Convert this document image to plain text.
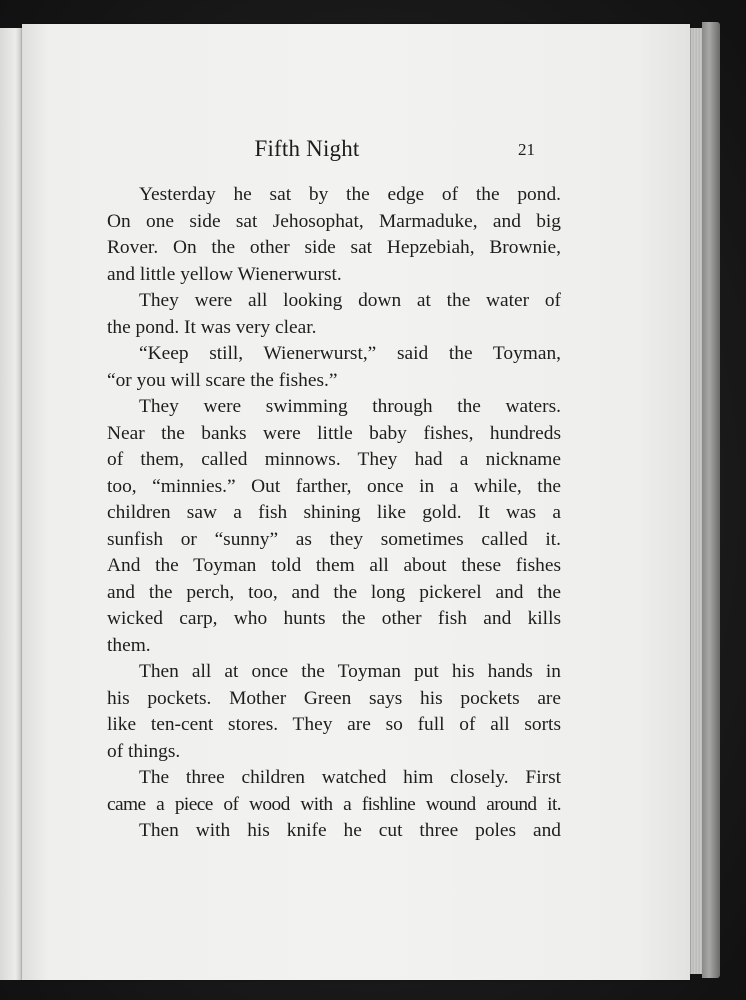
Fifth Night	21

Yesterday he sat by the edge of the pond.
On one side sat Jehosophat, Marmaduke, and big
Rover. On the other side sat Hepzebiah, Brownie,
and little yellow Wienerwurst.

They were all looking down at the water of
the pond. It was very clear.

“Keep still, Wienerwurst,” said the Toyman,
“or you will scare the fishes.”

They were swimming through the waters.
Near the banks were little baby fishes, hundreds
of them, called minnows. They had a nickname
too, “minnies.” Out farther, once in a while, the
children saw a fish shining like gold. It was a
sunfish or “sunny” as they sometimes called it.
And the Toyman told them all about these fishes
and the perch, too, and the long pickerel and the
wicked carp, who hunts the other fish and kills
them.

Then all at once the Toyman put his hands in
his pockets. Mother Green says his pockets are
like ten-cent stores. They are so full of all sorts
of things.

The three children watched him closely. First
came a piece of wood with a fishline wound around it.

Then with his knife he cut three poles and
